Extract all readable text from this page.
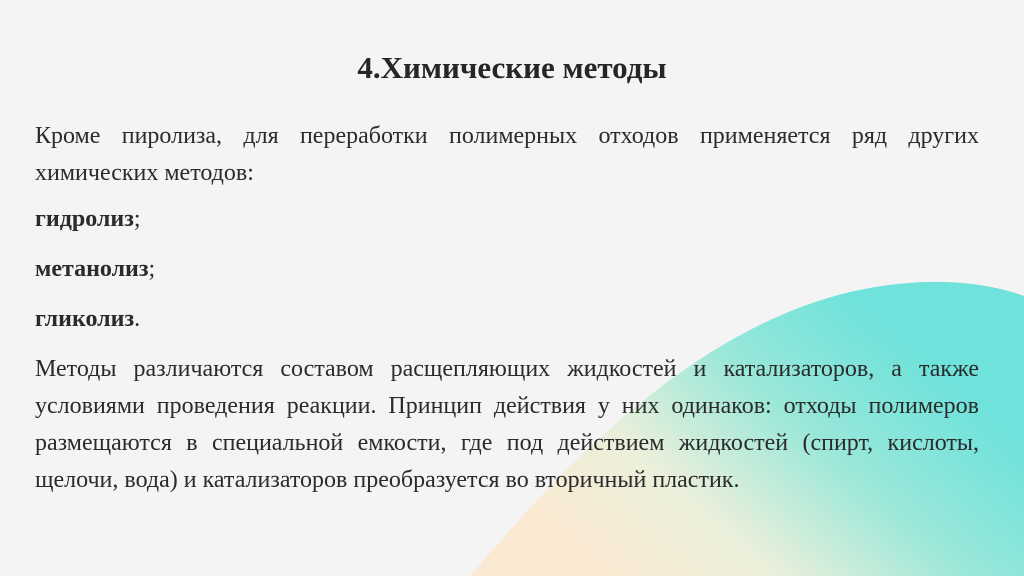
4.Химические методы

Кроме пиролиза, для переработки полимерных отходов применяется ряд других химических методов:

гидролиз;

метанолиз;

гликолиз.

Методы различаются составом расщепляющих жидкостей и катализаторов, а также условиями проведения реакции. Принцип действия у них одинаков: отходы полимеров размещаются в специальной емкости, где под действием жидкостей (спирт, кислоты, щелочи, вода) и катализаторов преобразуется во вторичный пластик.
